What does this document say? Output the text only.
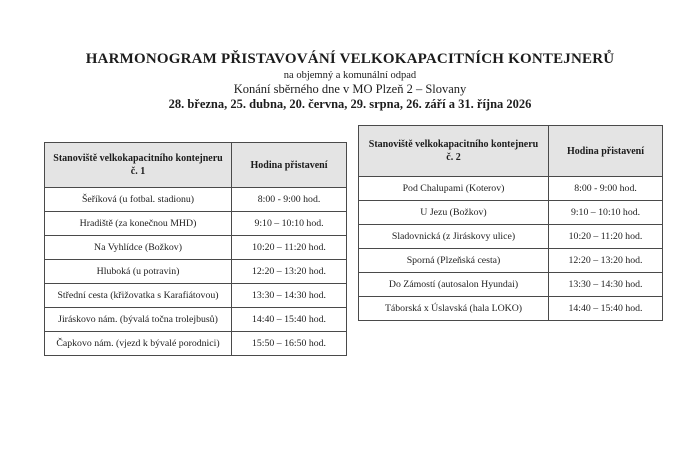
HARMONOGRAM PŘISTAVOVÁNÍ VELKOKAPACITNÍCH KONTEJNERŮ
na objemný a komunální odpad
Konání sběrného dne v MO Plzeň 2 – Slovany
28. března, 25. dubna, 20. června, 29. srpna, 26. září a 31. října 2026
Stanoviště velkokapacitního kontejneru
č. 1	Hodina přistavení
Šeříková (u fotbal. stadionu)	8:00 - 9:00 hod.
Hradiště (za konečnou MHD)	9:10 – 10:10 hod.
Na Vyhlídce (Božkov)	10:20 – 11:20 hod.
Hluboká (u potravin)	12:20 – 13:20 hod.
Střední cesta (křižovatka s Karafiátovou)	13:30 – 14:30 hod.
Jiráskovo nám. (bývalá točna trolejbusů)	14:40 – 15:40 hod.
Čapkovo nám. (vjezd k bývalé porodnici)	15:50 – 16:50 hod.
Stanoviště velkokapacitního kontejneru
č. 2	Hodina přistavení
Pod Chalupami (Koterov)	8:00 - 9:00 hod.
U Jezu (Božkov)	9:10 – 10:10 hod.
Sladovnická (z Jiráskovy ulice)	10:20 – 11:20 hod.
Sporná (Plzeňská cesta)	12:20 – 13:20 hod.
Do Zámostí (autosalon Hyundai)	13:30 – 14:30 hod.
Táborská x Úslavská (hala LOKO)	14:40 – 15:40 hod.
